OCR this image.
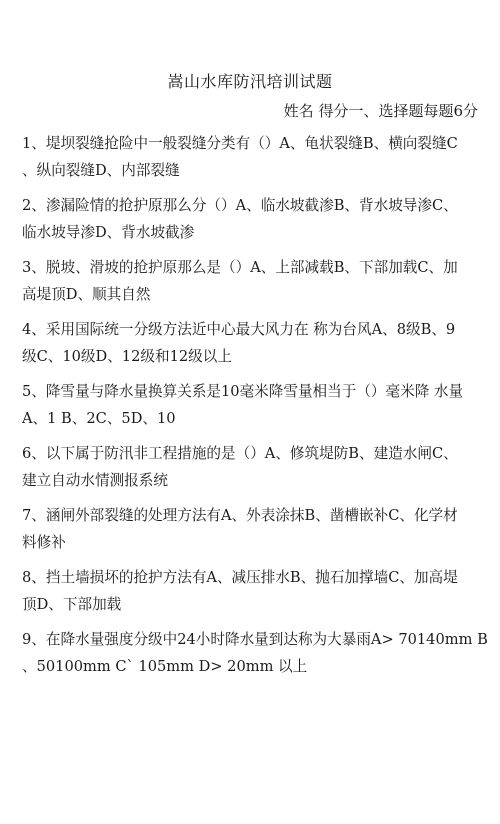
嵩山水库防汛培训试题
姓名 得分一、选择题每题6分
1、堤坝裂缝抢险中一般裂缝分类有（）A、龟状裂缝B、横向裂缝C
、纵向裂缝D、内部裂缝
2、渗漏险情的抢护原那么分（）A、临水坡截渗B、背水坡导渗C、
临水坡导渗D、背水坡截渗
3、脱坡、滑坡的抢护原那么是（）A、上部减载B、下部加载C、加
高堤顶D、顺其自然
4、采用国际统一分级方法近中心最大风力在 称为台风A、8级B、9
级C、10级D、12级和12级以上
5、降雪量与降水量换算关系是10毫米降雪量相当于（）毫米降 水量
A、1 B、2C、5D、10
6、以下属于防汛非工程措施的是（）A、修筑堤防B、建造水闸C、
建立自动水情测报系统
7、涵闸外部裂缝的处理方法有A、外表涂抹B、凿槽嵌补C、化学材
料修补
8、挡土墙损坏的抢护方法有A、减压排水B、抛石加撑墙C、加高堤
顶D、下部加载
9、在降水量强度分级中24小时降水量到达称为大暴雨A> 70140mm B
、50100mm C` 105mm D> 20mm 以上
